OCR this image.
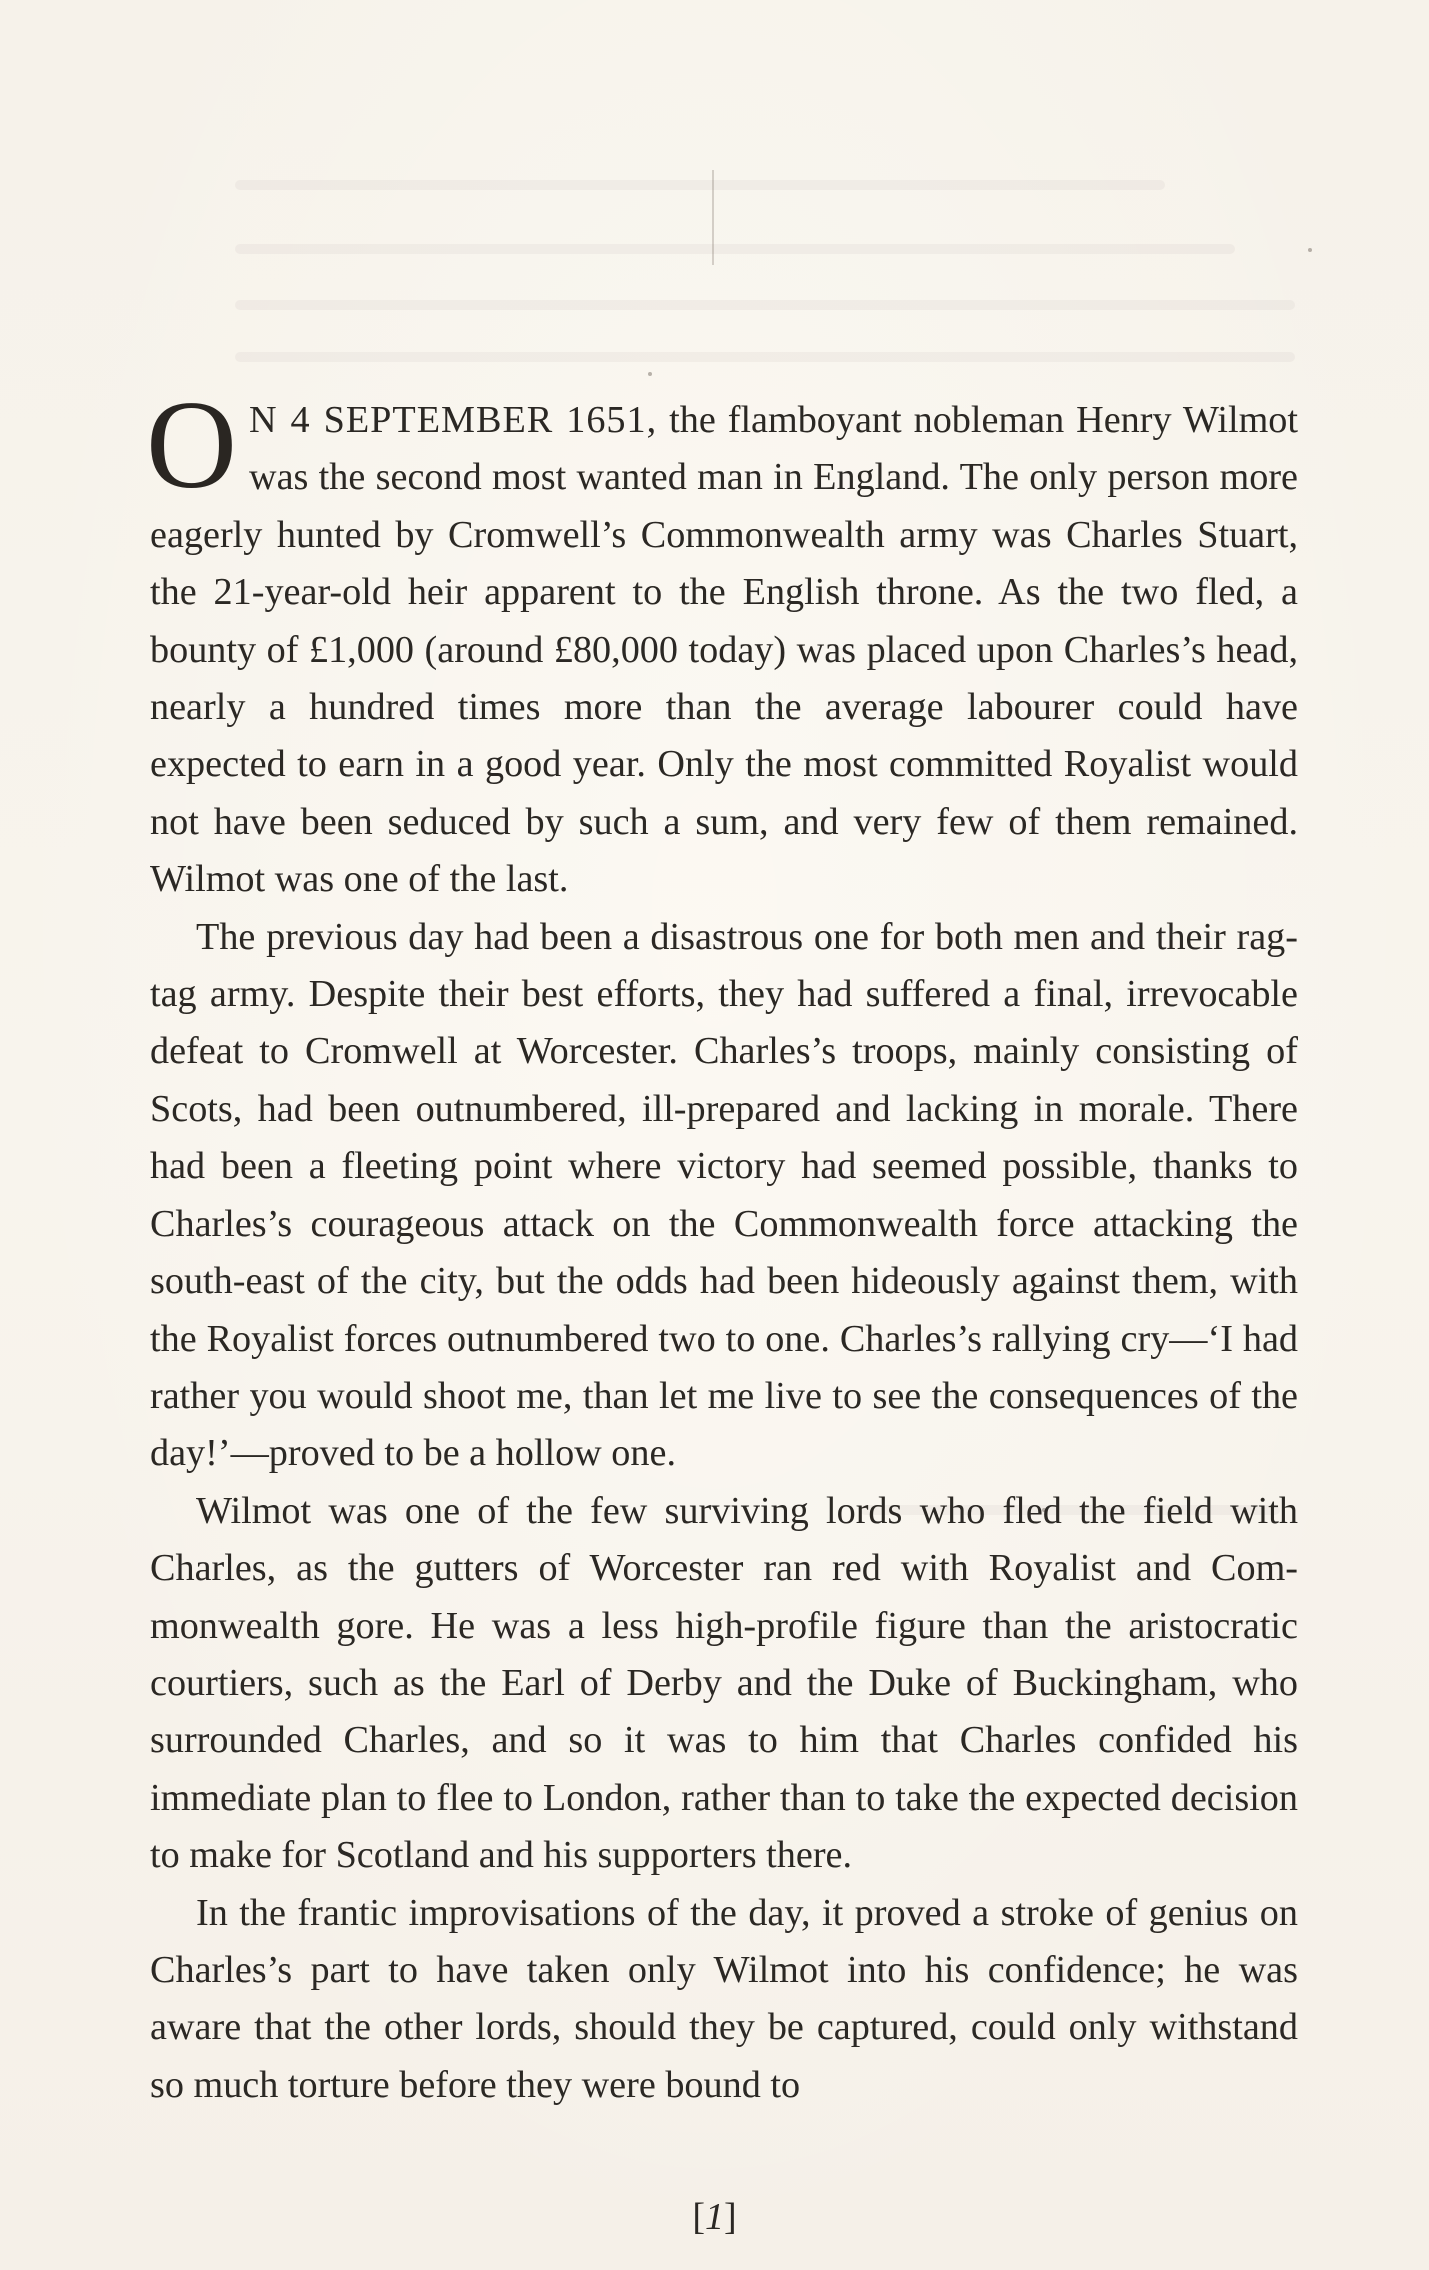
O N 4 SEPTEMBER 1651, the flamboyant nobleman Henry Wilmot was the second most wanted man in England. The only person more eagerly hunted by Cromwell’s Commonwealth army was Charles Stuart, the 21-year-old heir apparent to the English throne. As the two fled, a bounty of £1,000 (around £80,000 today) was placed upon Charles’s head, nearly a hundred times more than the average labourer could have expected to earn in a good year. Only the most committed Royalist would not have been seduced by such a sum, and very few of them remained. Wilmot was one of the last.

The previous day had been a disastrous one for both men and their rag-tag army. Despite their best efforts, they had suffered a final, irrevocable defeat to Cromwell at Worcester. Charles’s troops, mainly consisting of Scots, had been outnumbered, ill-prepared and lacking in morale. There had been a fleeting point where victory had seemed possible, thanks to Charles’s courageous attack on the Commonwealth force attacking the south-east of the city, but the odds had been hideously against them, with the Royalist forces outnumbered two to one. Charles’s rallying cry—‘I had rather you would shoot me, than let me live to see the consequences of the day!’—proved to be a hollow one.

Wilmot was one of the few surviving lords who fled the field with Charles, as the gutters of Worcester ran red with Royalist and Commonwealth gore. He was a less high-profile figure than the aristocratic courtiers, such as the Earl of Derby and the Duke of Buckingham, who surrounded Charles, and so it was to him that Charles confided his immediate plan to flee to London, rather than to take the expected decision to make for Scotland and his supporters there.

In the frantic improvisations of the day, it proved a stroke of genius on Charles’s part to have taken only Wilmot into his confidence; he was aware that the other lords, should they be captured, could only withstand so much torture before they were bound to

[1]
